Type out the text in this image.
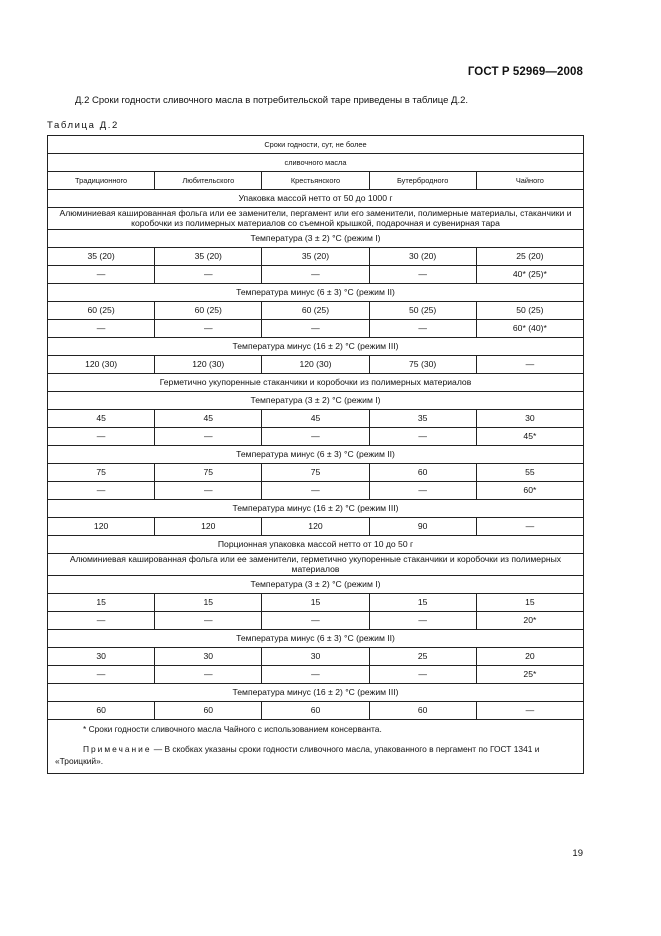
ГОСТ Р 52969—2008
Д.2 Сроки годности сливочного масла в потребительской таре приведены в таблице Д.2.
Таблица Д.2
Сроки годности, сут, не более				
сливочного масла				
Традиционного	Любительского	Крестьянского	Бутербродного	Чайного
Упаковка массой нетто от 50 до 1000 г				
Алюминиевая кашированная фольга или ее заменители, пергамент или его заменители, полимерные материалы, стаканчики и коробочки из полимерных материалов со съемной крышкой, подарочная и сувенирная тара				
Температура (3 ± 2) °С (режим I)				
35 (20)	35 (20)	35 (20)	30 (20)	25 (20)
—	—	—	—	40* (25)*
Температура минус (6 ± 3) °С (режим II)				
60 (25)	60 (25)	60 (25)	50 (25)	50 (25)
—	—	—	—	60* (40)*
Температура минус (16 ± 2) °С (режим III)				
120 (30)	120 (30)	120 (30)	75 (30)	—
Герметично укупоренные стаканчики и коробочки из полимерных материалов				
Температура (3 ± 2) °С (режим I)				
45	45	45	35	30
—	—	—	—	45*
Температура минус (6 ± 3) °С (режим II)				
75	75	75	60	55
—	—	—	—	60*
Температура минус (16 ± 2) °С (режим III)				
120	120	120	90	—
Порционная упаковка массой нетто от 10 до 50 г				
Алюминиевая кашированная фольга или ее заменители, герметично укупоренные стаканчики и коробочки из полимерных материалов				
Температура (3 ± 2) °С (режим I)				
15	15	15	15	15
—	—	—	—	20*
Температура минус (6 ± 3) °С (режим II)				
30	30	30	25	20
—	—	—	—	25*
Температура минус (16 ± 2) °С (режим III)				
60	60	60	60	—

* Сроки годности сливочного масла Чайного с использованием консерванта.
Примечание — В скобках указаны сроки годности сливочного масла, упакованного в пергамент по ГОСТ 1341 и «Троицкий».				
19
